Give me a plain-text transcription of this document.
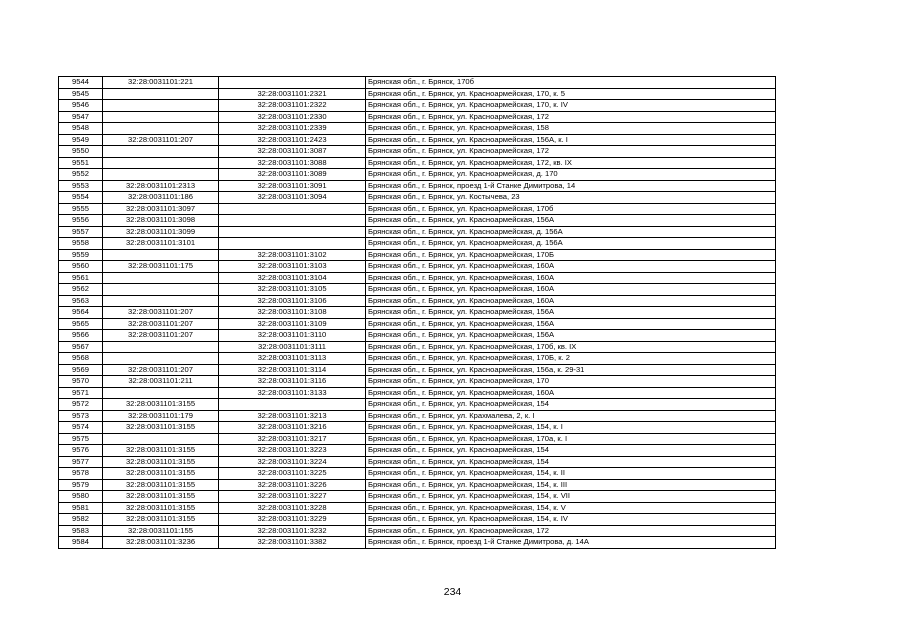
9544	32:28:0031101:221		Брянская обл., г. Брянск, 170б
9545		32:28:0031101:2321	Брянская обл., г. Брянск, ул. Красноармейская, 170, к. 5
9546		32:28:0031101:2322	Брянская обл., г. Брянск, ул. Красноармейская, 170, к. IV
9547		32:28:0031101:2330	Брянская обл., г. Брянск, ул. Красноармейская, 172
9548		32:28:0031101:2339	Брянская обл., г. Брянск, ул. Красноармейская, 158
9549	32:28:0031101:207	32:28:0031101:2423	Брянская обл., г. Брянск, ул. Красноармейская, 156А, к. I
9550		32:28:0031101:3087	Брянская обл., г. Брянск, ул. Красноармейская, 172
9551		32:28:0031101:3088	Брянская обл., г. Брянск, ул. Красноармейская, 172, кв. IX
9552		32:28:0031101:3089	Брянская обл., г. Брянск, ул. Красноармейская, д. 170
9553	32:28:0031101:2313	32:28:0031101:3091	Брянская обл., г. Брянск, проезд 1-й Станке Димитрова, 14
9554	32:28:0031101:186	32:28:0031101:3094	Брянская обл., г. Брянск, ул. Костычева, 23
9555	32:28:0031101:3097		Брянская обл., г. Брянск, ул. Красноармейская, 170б
9556	32:28:0031101:3098		Брянская обл., г. Брянск, ул. Красноармейская, 156А
9557	32:28:0031101:3099		Брянская обл., г. Брянск, ул. Красноармейская, д. 156А
9558	32:28:0031101:3101		Брянская обл., г. Брянск, ул. Красноармейская, д. 156А
9559		32:28:0031101:3102	Брянская обл., г. Брянск, ул. Красноармейская, 170Б
9560	32:28:0031101:175	32:28:0031101:3103	Брянская обл., г. Брянск, ул. Красноармейская, 160А
9561		32:28:0031101:3104	Брянская обл., г. Брянск, ул. Красноармейская, 160А
9562		32:28:0031101:3105	Брянская обл., г. Брянск, ул. Красноармейская, 160А
9563		32:28:0031101:3106	Брянская обл., г. Брянск, ул. Красноармейская, 160А
9564	32:28:0031101:207	32:28:0031101:3108	Брянская обл., г. Брянск, ул. Красноармейская, 156А
9565	32:28:0031101:207	32:28:0031101:3109	Брянская обл., г. Брянск, ул. Красноармейская, 156А
9566	32:28:0031101:207	32:28:0031101:3110	Брянская обл., г. Брянск, ул. Красноармейская, 156А
9567		32:28:0031101:3111	Брянская обл., г. Брянск, ул. Красноармейская, 170б, кв. IX
9568		32:28:0031101:3113	Брянская обл., г. Брянск, ул. Красноармейская, 170Б, к. 2
9569	32:28:0031101:207	32:28:0031101:3114	Брянская обл., г. Брянск, ул. Красноармейская, 156а, к. 29-31
9570	32:28:0031101:211	32:28:0031101:3116	Брянская обл., г. Брянск, ул. Красноармейская, 170
9571		32:28:0031101:3133	Брянская обл., г. Брянск, ул. Красноармейская, 160А
9572	32:28:0031101:3155		Брянская обл., г. Брянск, ул. Красноармейская, 154
9573	32:28:0031101:179	32:28:0031101:3213	Брянская обл., г. Брянск, ул. Крахмалева, 2, к. I
9574	32:28:0031101:3155	32:28:0031101:3216	Брянская обл., г. Брянск, ул. Красноармейская, 154, к. I
9575		32:28:0031101:3217	Брянская обл., г. Брянск, ул. Красноармейская, 170а, к. I
9576	32:28:0031101:3155	32:28:0031101:3223	Брянская обл., г. Брянск, ул. Красноармейская, 154
9577	32:28:0031101:3155	32:28:0031101:3224	Брянская обл., г. Брянск, ул. Красноармейская, 154
9578	32:28:0031101:3155	32:28:0031101:3225	Брянская обл., г. Брянск, ул. Красноармейская, 154, к. II
9579	32:28:0031101:3155	32:28:0031101:3226	Брянская обл., г. Брянск, ул. Красноармейская, 154, к. III
9580	32:28:0031101:3155	32:28:0031101:3227	Брянская обл., г. Брянск, ул. Красноармейская, 154, к. VII
9581	32:28:0031101:3155	32:28:0031101:3228	Брянская обл., г. Брянск, ул. Красноармейская, 154, к. V
9582	32:28:0031101:3155	32:28:0031101:3229	Брянская обл., г. Брянск, ул. Красноармейская, 154, к. IV
9583	32:28:0031101:155	32:28:0031101:3232	Брянская обл., г. Брянск, ул. Красноармейская, 172
9584	32:28:0031101:3236	32:28:0031101:3382	Брянская обл., г. Брянск, проезд 1-й Станке Димитрова, д. 14А
234
